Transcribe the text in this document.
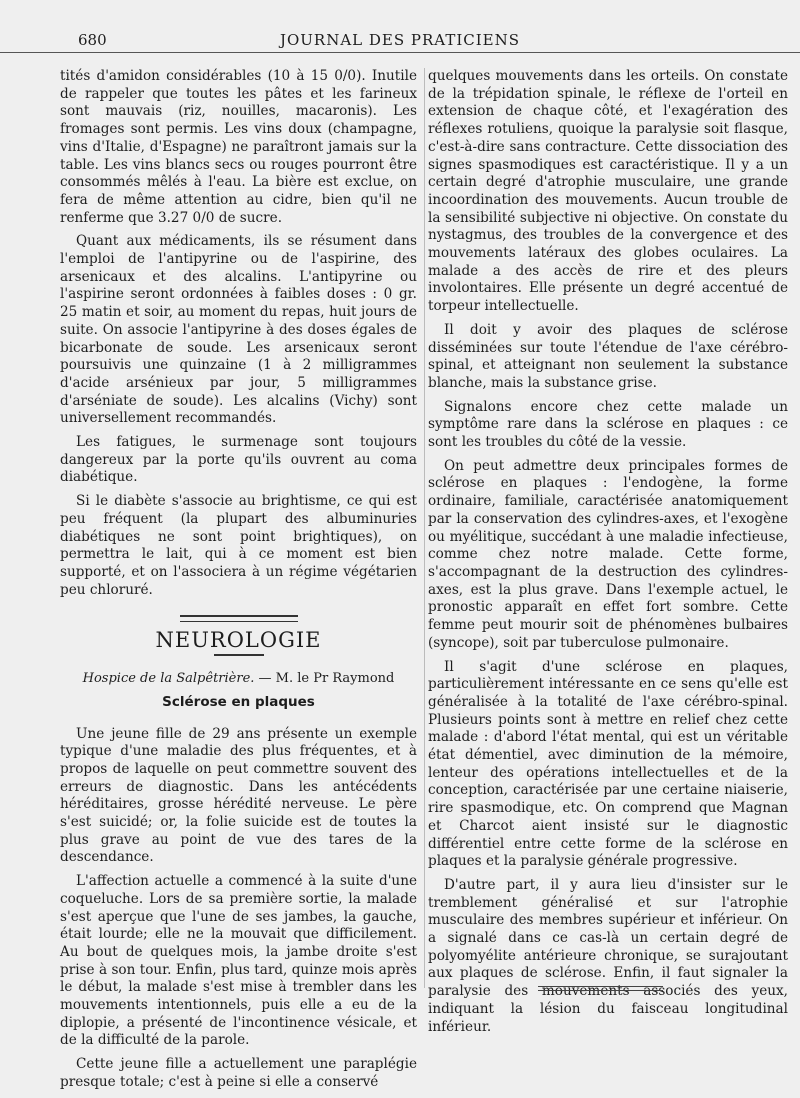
680	JOURNAL DES PRATICIENS

tités d'amidon considérables (10 à 15 0/0). Inutile de rappeler que toutes les pâtes et les farineux sont mauvais (riz, nouilles, macaronis). Les fromages sont permis. Les vins doux (champagne, vins d'Italie, d'Espagne) ne paraîtront jamais sur la table. Les vins blancs secs ou rouges pourront être consommés mêlés à l'eau. La bière est exclue, on fera de même attention au cidre, bien qu'il ne renferme que 3.27 0/0 de sucre.

Quant aux médicaments, ils se résument dans l'emploi de l'antipyrine ou de l'aspirine, des arsenicaux et des alcalins. L'antipyrine ou l'aspirine seront ordonnées à faibles doses : 0 gr. 25 matin et soir, au moment du repas, huit jours de suite. On associe l'antipyrine à des doses égales de bicarbonate de soude. Les arsenicaux seront poursuivis une quinzaine (1 à 2 milligrammes d'acide arsénieux par jour, 5 milligrammes d'arséniate de soude). Les alcalins (Vichy) sont universellement recommandés.

Les fatigues, le surmenage sont toujours dangereux par la porte qu'ils ouvrent au coma diabétique.

Si le diabète s'associe au brightisme, ce qui est peu fréquent (la plupart des albuminuries diabétiques ne sont point brightiques), on permettra le lait, qui à ce moment est bien supporté, et on l'associera à un régime végétarien peu chloruré.

NEUROLOGIE
Hospice de la Salpêtrière. — M. le Pr Raymond
Sclérose en plaques

Une jeune fille de 29 ans présente un exemple typique d'une maladie des plus fréquentes, et à propos de laquelle on peut commettre souvent des erreurs de diagnostic. Dans les antécédents héréditaires, grosse hérédité nerveuse. Le père s'est suicidé; or, la folie suicide est de toutes la plus grave au point de vue des tares de la descendance.

L'affection actuelle a commencé à la suite d'une coqueluche. Lors de sa première sortie, la malade s'est aperçue que l'une de ses jambes, la gauche, était lourde; elle ne la mouvait que difficilement. Au bout de quelques mois, la jambe droite s'est prise à son tour. Enfin, plus tard, quinze mois après le début, la malade s'est mise à trembler dans les mouvements intentionnels, puis elle a eu de la diplopie, a présenté de l'incontinence vésicale, et de la difficulté de la parole.

Cette jeune fille a actuellement une paraplégie presque totale; c'est à peine si elle a conservé

quelques mouvements dans les orteils. On constate de la trépidation spinale, le réflexe de l'orteil en extension de chaque côté, et l'exagération des réflexes rotuliens, quoique la paralysie soit flasque, c'est-à-dire sans contracture. Cette dissociation des signes spasmodiques est caractéristique. Il y a un certain degré d'atrophie musculaire, une grande incoordination des mouvements. Aucun trouble de la sensibilité subjective ni objective. On constate du nystagmus, des troubles de la convergence et des mouvements latéraux des globes oculaires. La malade a des accès de rire et des pleurs involontaires. Elle présente un degré accentué de torpeur intellectuelle.

Il doit y avoir des plaques de sclérose disséminées sur toute l'étendue de l'axe cérébro-spinal, et atteignant non seulement la substance blanche, mais la substance grise.

Signalons encore chez cette malade un symptôme rare dans la sclérose en plaques : ce sont les troubles du côté de la vessie.

On peut admettre deux principales formes de sclérose en plaques : l'endogène, la forme ordinaire, familiale, caractérisée anatomiquement par la conservation des cylindres-axes, et l'exogène ou myélitique, succédant à une maladie infectieuse, comme chez notre malade. Cette forme, s'accompagnant de la destruction des cylindres-axes, est la plus grave. Dans l'exemple actuel, le pronostic apparaît en effet fort sombre. Cette femme peut mourir soit de phénomènes bulbaires (syncope), soit par tuberculose pulmonaire.

Il s'agit d'une sclérose en plaques, particulièrement intéressante en ce sens qu'elle est généralisée à la totalité de l'axe cérébro-spinal. Plusieurs points sont à mettre en relief chez cette malade : d'abord l'état mental, qui est un véritable état démentiel, avec diminution de la mémoire, lenteur des opérations intellectuelles et de la conception, caractérisée par une certaine niaiserie, rire spasmodique, etc. On comprend que Magnan et Charcot aient insisté sur le diagnostic différentiel entre cette forme de la sclérose en plaques et la paralysie générale progressive.

D'autre part, il y aura lieu d'insister sur le tremblement généralisé et sur l'atrophie musculaire des membres supérieur et inférieur. On a signalé dans ce cas-là un certain degré de polyomyélite antérieure chronique, se surajoutant aux plaques de sclérose. Enfin, il faut signaler la paralysie des mouvements associés des yeux, indiquant la lésion du faisceau longitudinal inférieur.
